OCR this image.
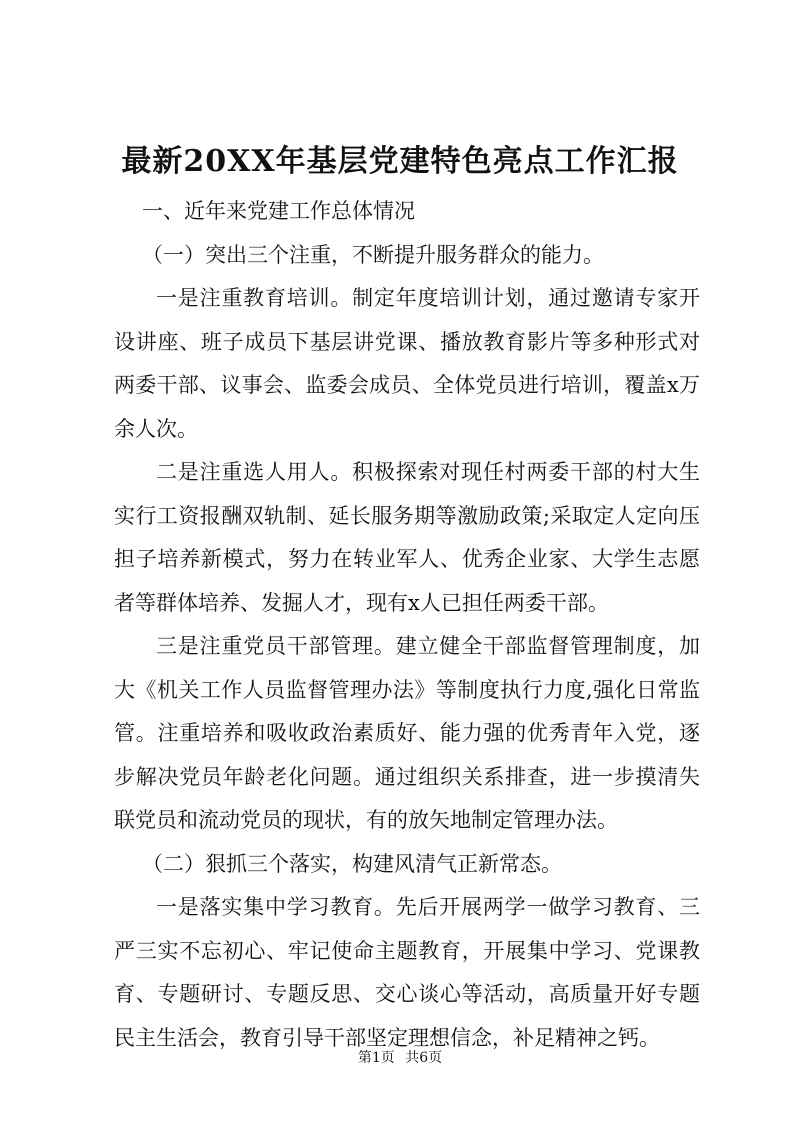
最新20XX年基层党建特色亮点工作汇报

一、近年来党建工作总体情况

（一）突出三个注重，不断提升服务群众的能力。

一是注重教育培训。制定年度培训计划，通过邀请专家开设讲座、班子成员下基层讲党课、播放教育影片等多种形式对两委干部、议事会、监委会成员、全体党员进行培训，覆盖x万余人次。

二是注重选人用人。积极探索对现任村两委干部的村大生实行工资报酬双轨制、延长服务期等激励政策;采取定人定向压担子培养新模式，努力在转业军人、优秀企业家、大学生志愿者等群体培养、发掘人才，现有x人已担任两委干部。

三是注重党员干部管理。建立健全干部监督管理制度，加大《机关工作人员监督管理办法》等制度执行力度,强化日常监管。注重培养和吸收政治素质好、能力强的优秀青年入党，逐步解决党员年龄老化问题。通过组织关系排查，进一步摸清失联党员和流动党员的现状，有的放矢地制定管理办法。

（二）狠抓三个落实，构建风清气正新常态。

一是落实集中学习教育。先后开展两学一做学习教育、三严三实不忘初心、牢记使命主题教育，开展集中学习、党课教育、专题研讨、专题反思、交心谈心等活动，高质量开好专题民主生活会，教育引导干部坚定理想信念，补足精神之钙。

第1页 共6页
